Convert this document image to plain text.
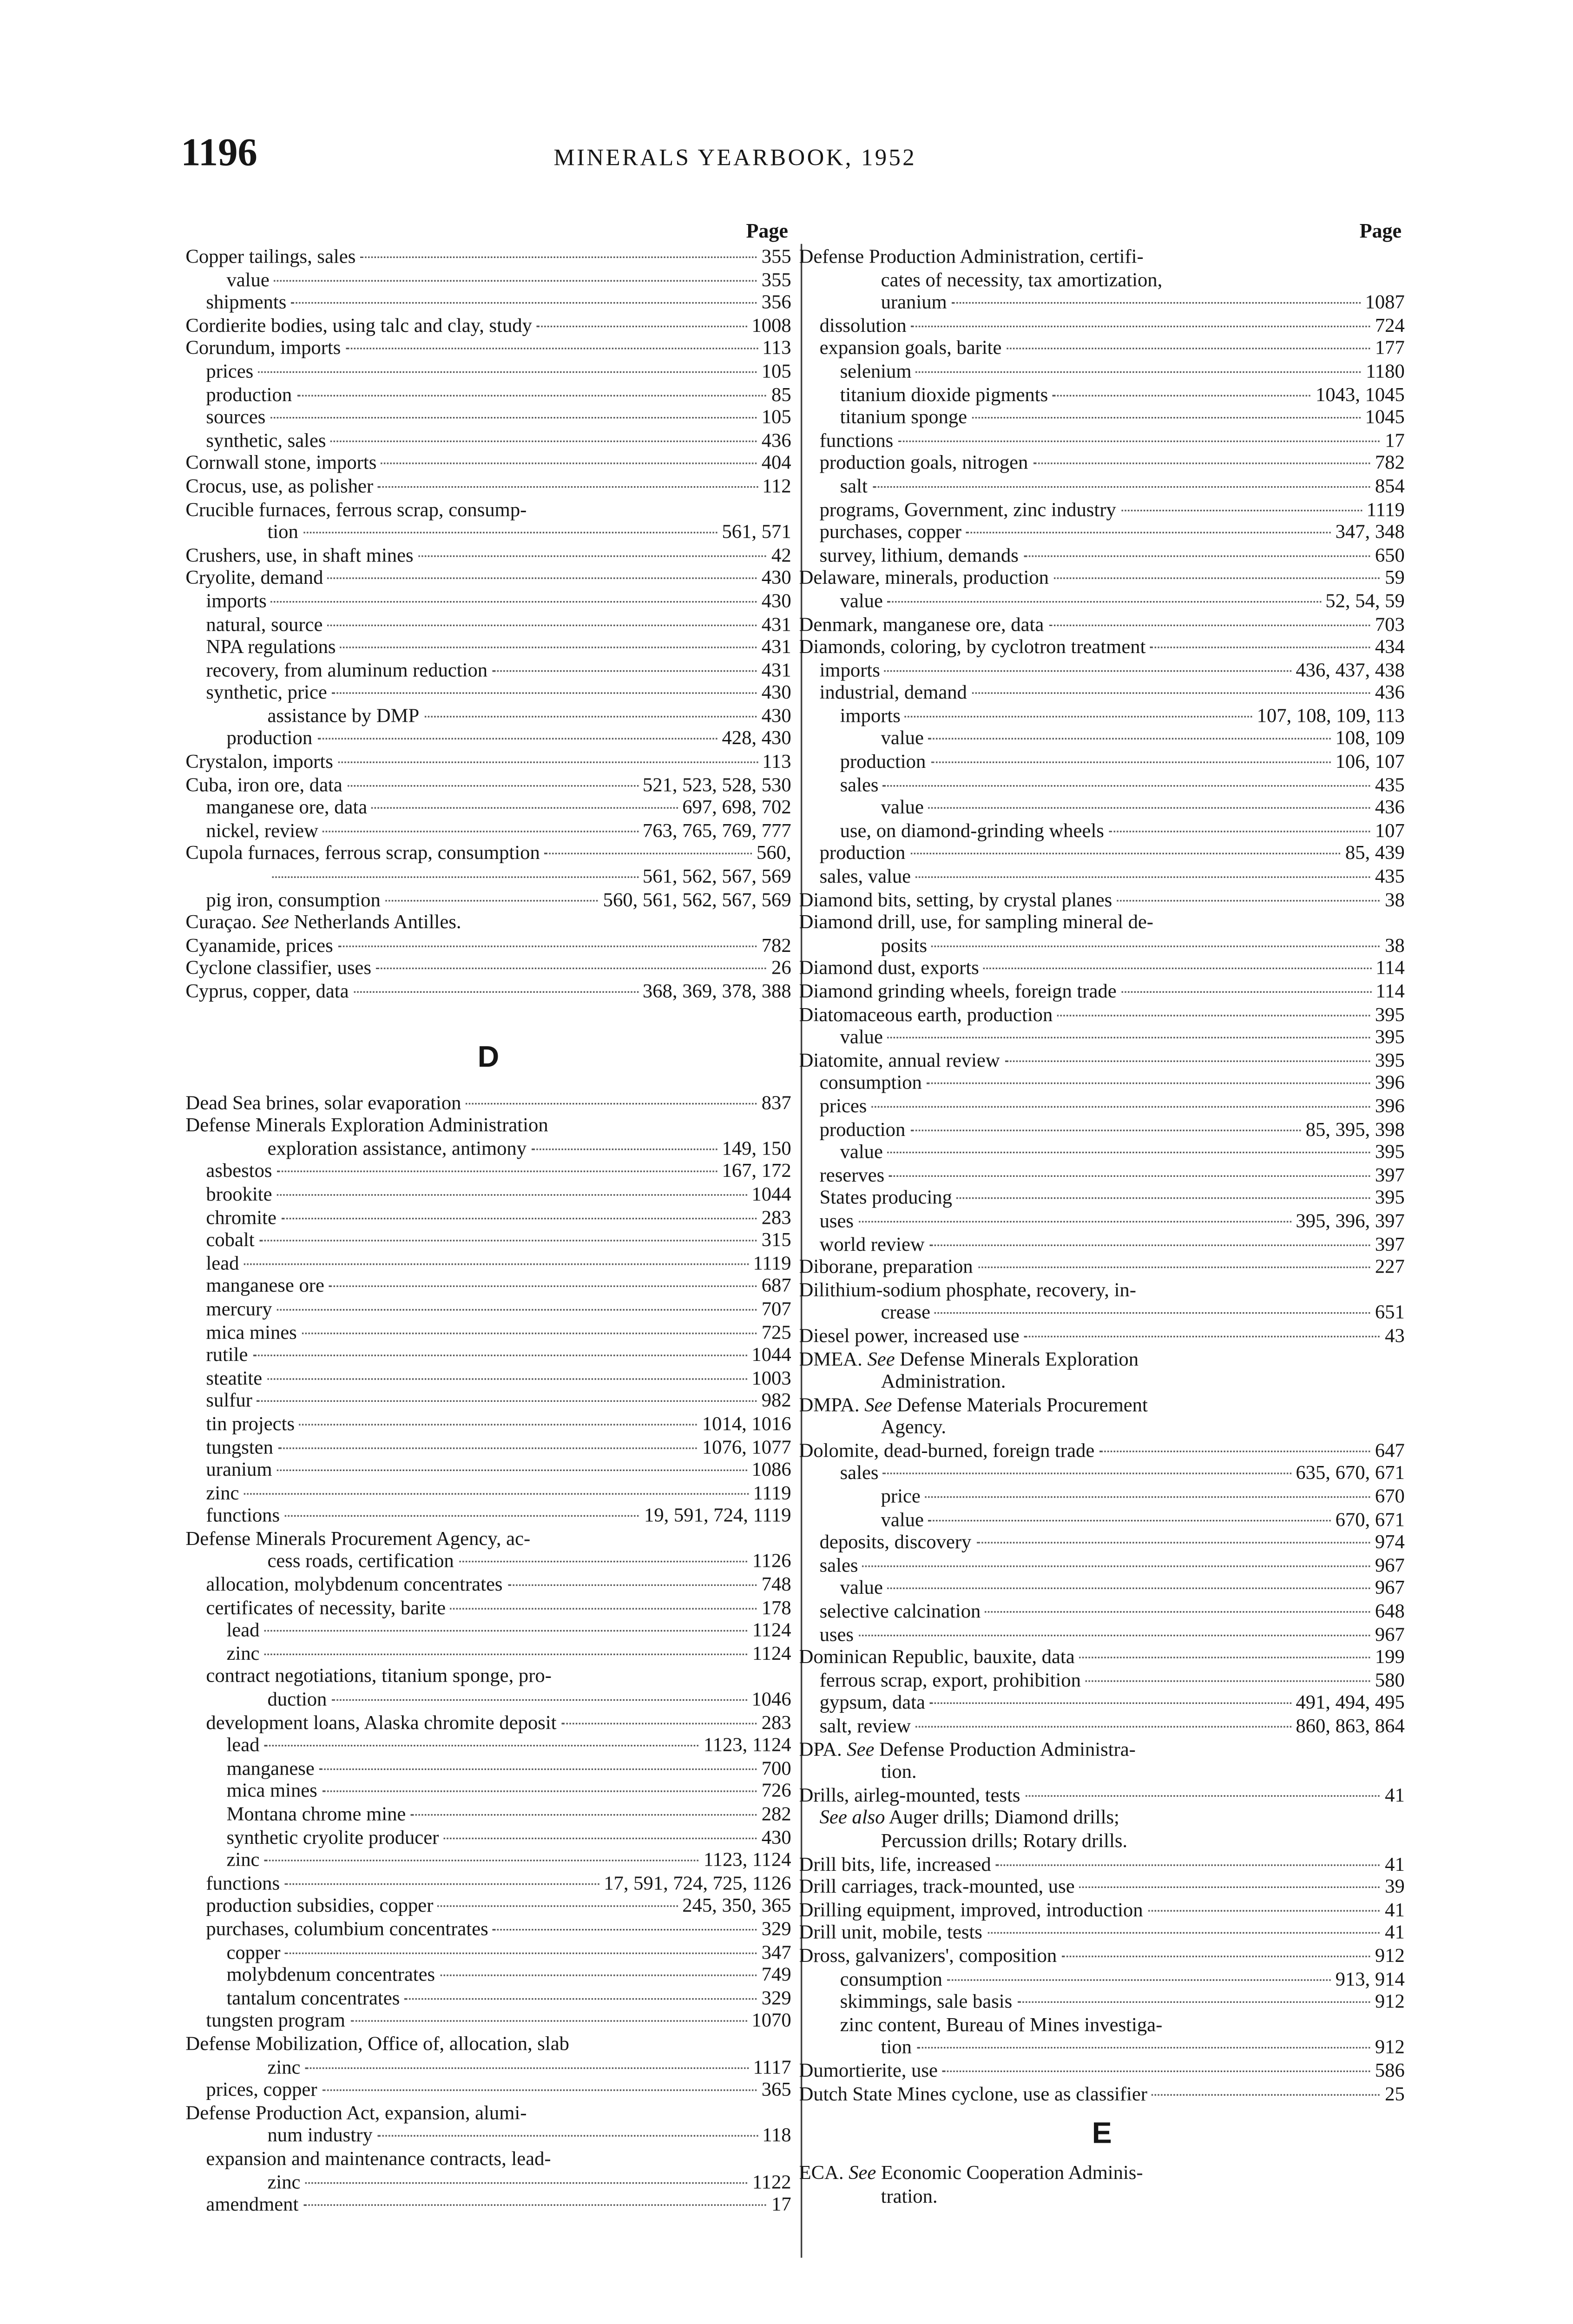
1196	MINERALS YEARBOOK, 1952
Page
Copper tailings, sales	355
value	355
shipments	356
Cordierite bodies, using talc and clay, study	1008
Corundum, imports	113
prices	105
production	85
sources	105
synthetic, sales	436
Cornwall stone, imports	404
Crocus, use, as polisher	112
Crucible furnaces, ferrous scrap, consump-
tion	561, 571
Crushers, use, in shaft mines	42
Cryolite, demand	430
imports	430
natural, source	431
NPA regulations	431
recovery, from aluminum reduction	431
synthetic, price	430
assistance by DMP	430
production	428, 430
Crystalon, imports	113
Cuba, iron ore, data	521, 523, 528, 530
manganese ore, data	697, 698, 702
nickel, review	763, 765, 769, 777
Cupola furnaces, ferrous scrap, consumption	560,
561, 562, 567, 569
pig iron, consumption	560, 561, 562, 567, 569
Curaçao. See Netherlands Antilles.
Cyanamide, prices	782
Cyclone classifier, uses	26
Cyprus, copper, data	368, 369, 378, 388
D
Dead Sea brines, solar evaporation	837
Defense Minerals Exploration Administration
exploration assistance, antimony	149, 150
asbestos	167, 172
brookite	1044
chromite	283
cobalt	315
lead	1119
manganese ore	687
mercury	707
mica mines	725
rutile	1044
steatite	1003
sulfur	982
tin projects	1014, 1016
tungsten	1076, 1077
uranium	1086
zinc	1119
functions	19, 591, 724, 1119
Defense Minerals Procurement Agency, ac-
cess roads, certification	1126
allocation, molybdenum concentrates	748
certificates of necessity, barite	178
lead	1124
zinc	1124
contract negotiations, titanium sponge, pro-
duction	1046
development loans, Alaska chromite deposit	283
lead	1123, 1124
manganese	700
mica mines	726
Montana chrome mine	282
synthetic cryolite producer	430
zinc	1123, 1124
functions	17, 591, 724, 725, 1126
production subsidies, copper	245, 350, 365
purchases, columbium concentrates	329
copper	347
molybdenum concentrates	749
tantalum concentrates	329
tungsten program	1070
Defense Mobilization, Office of, allocation, slab
zinc	1117
prices, copper	365
Defense Production Act, expansion, alumi-
num industry	118
expansion and maintenance contracts, lead-
zinc	1122
amendment	17
Page
Defense Production Administration, certifi-
cates of necessity, tax amortization,
uranium	1087
dissolution	724
expansion goals, barite	177
selenium	1180
titanium dioxide pigments	1043, 1045
titanium sponge	1045
functions	17
production goals, nitrogen	782
salt	854
programs, Government, zinc industry	1119
purchases, copper	347, 348
survey, lithium, demands	650
Delaware, minerals, production	59
value	52, 54, 59
Denmark, manganese ore, data	703
Diamonds, coloring, by cyclotron treatment	434
imports	436, 437, 438
industrial, demand	436
imports	107, 108, 109, 113
value	108, 109
production	106, 107
sales	435
value	436
use, on diamond-grinding wheels	107
production	85, 439
sales, value	435
Diamond bits, setting, by crystal planes	38
Diamond drill, use, for sampling mineral de-
posits	38
Diamond dust, exports	114
Diamond grinding wheels, foreign trade	114
Diatomaceous earth, production	395
value	395
Diatomite, annual review	395
consumption	396
prices	396
production	85, 395, 398
value	395
reserves	397
States producing	395
uses	395, 396, 397
world review	397
Diborane, preparation	227
Dilithium-sodium phosphate, recovery, in-
crease	651
Diesel power, increased use	43
DMEA. See Defense Minerals Exploration
Administration.
DMPA. See Defense Materials Procurement
Agency.
Dolomite, dead-burned, foreign trade	647
sales	635, 670, 671
price	670
value	670, 671
deposits, discovery	974
sales	967
value	967
selective calcination	648
uses	967
Dominican Republic, bauxite, data	199
ferrous scrap, export, prohibition	580
gypsum, data	491, 494, 495
salt, review	860, 863, 864
DPA. See Defense Production Administra-
tion.
Drills, airleg-mounted, tests	41
See also Auger drills; Diamond drills;
Percussion drills; Rotary drills.
Drill bits, life, increased	41
Drill carriages, track-mounted, use	39
Drilling equipment, improved, introduction	41
Drill unit, mobile, tests	41
Dross, galvanizers', composition	912
consumption	913, 914
skimmings, sale basis	912
zinc content, Bureau of Mines investiga-
tion	912
Dumortierite, use	586
Dutch State Mines cyclone, use as classifier	25
E
ECA. See Economic Cooperation Adminis-
tration.
